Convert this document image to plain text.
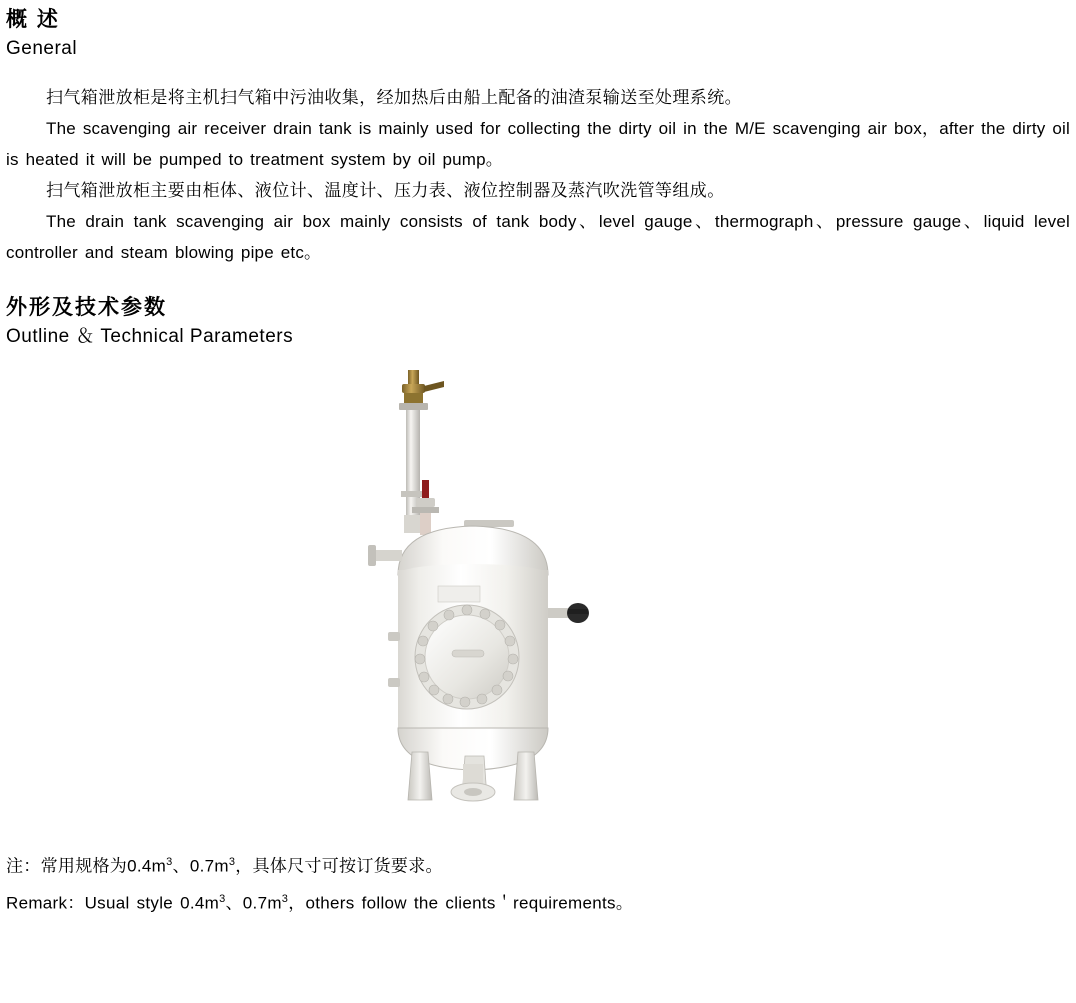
概 述
General

扫气箱泄放柜是将主机扫气箱中污油收集，经加热后由船上配备的油渣泵输送至处理系统。

The scavenging air receiver drain tank is mainly used for collecting the dirty oil in the M/E scavenging air box，after the dirty oil is heated it will be pumped to treatment system by oil pump。

扫气箱泄放柜主要由柜体、液位计、温度计、压力表、液位控制器及蒸汽吹洗管等组成。

The drain tank scavenging air box mainly consists of tank body、level gauge、thermograph、pressure gauge、liquid level controller and steam blowing pipe etc。

外形及技术参数
Outline ＆ Technical Parameters
注：常用规格为$0.4m^3$、$0.7m^3$，具体尺寸可按订货要求。
Remark：Usual style $0.4m^3$、$0.7m^3$，others follow the clients＇requirements。
